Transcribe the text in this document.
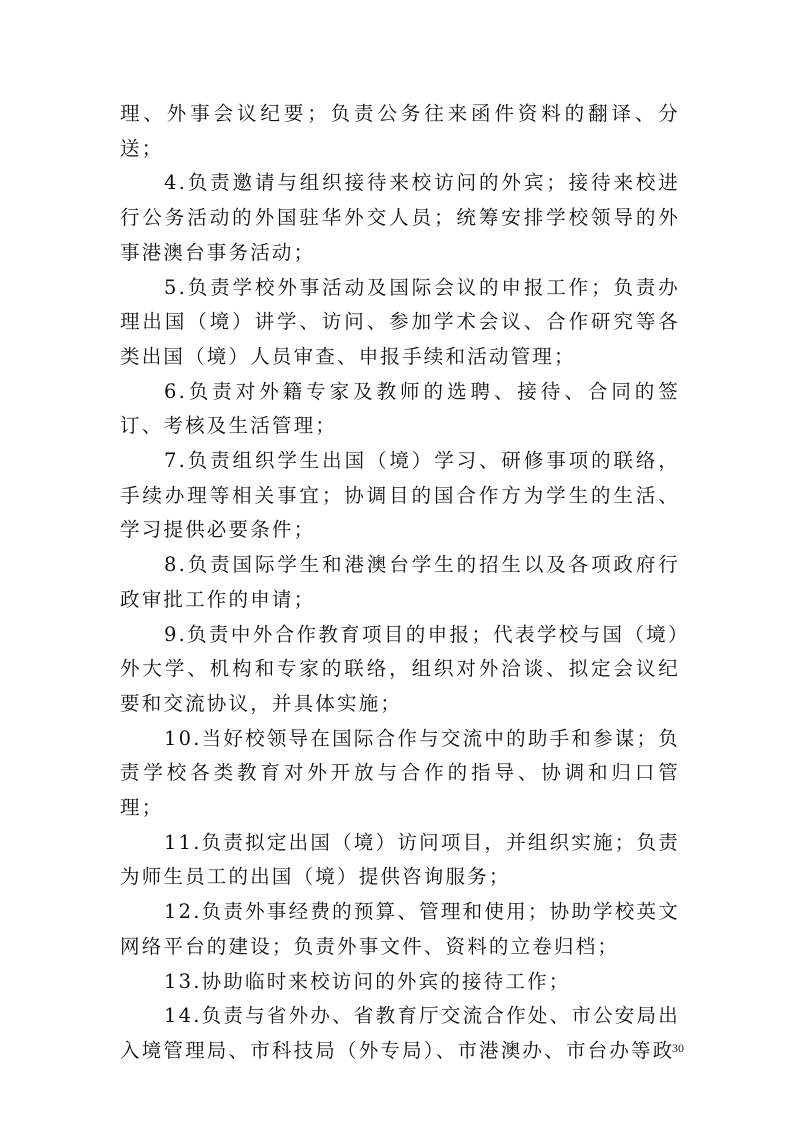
理、外事会议纪要；负责公务往来函件资料的翻译、分送；

4.负责邀请与组织接待来校访问的外宾；接待来校进行公务活动的外国驻华外交人员；统筹安排学校领导的外事港澳台事务活动；

5.负责学校外事活动及国际会议的申报工作；负责办理出国（境）讲学、访问、参加学术会议、合作研究等各类出国（境）人员审查、申报手续和活动管理；

6.负责对外籍专家及教师的选聘、接待、合同的签订、考核及生活管理；

7.负责组织学生出国（境）学习、研修事项的联络，手续办理等相关事宜；协调目的国合作方为学生的生活、学习提供必要条件；

8.负责国际学生和港澳台学生的招生以及各项政府行政审批工作的申请；

9.负责中外合作教育项目的申报；代表学校与国（境）外大学、机构和专家的联络，组织对外洽谈、拟定会议纪要和交流协议，并具体实施；

10.当好校领导在国际合作与交流中的助手和参谋；负责学校各类教育对外开放与合作的指导、协调和归口管理；

11.负责拟定出国（境）访问项目，并组织实施；负责为师生员工的出国（境）提供咨询服务；

12.负责外事经费的预算、管理和使用；协助学校英文网络平台的建设；负责外事文件、资料的立卷归档；

13.协助临时来校访问的外宾的接待工作；

14.负责与省外办、省教育厅交流合作处、市公安局出入境管理局、市科技局（外专局）、市港澳办、市台办等政

30
